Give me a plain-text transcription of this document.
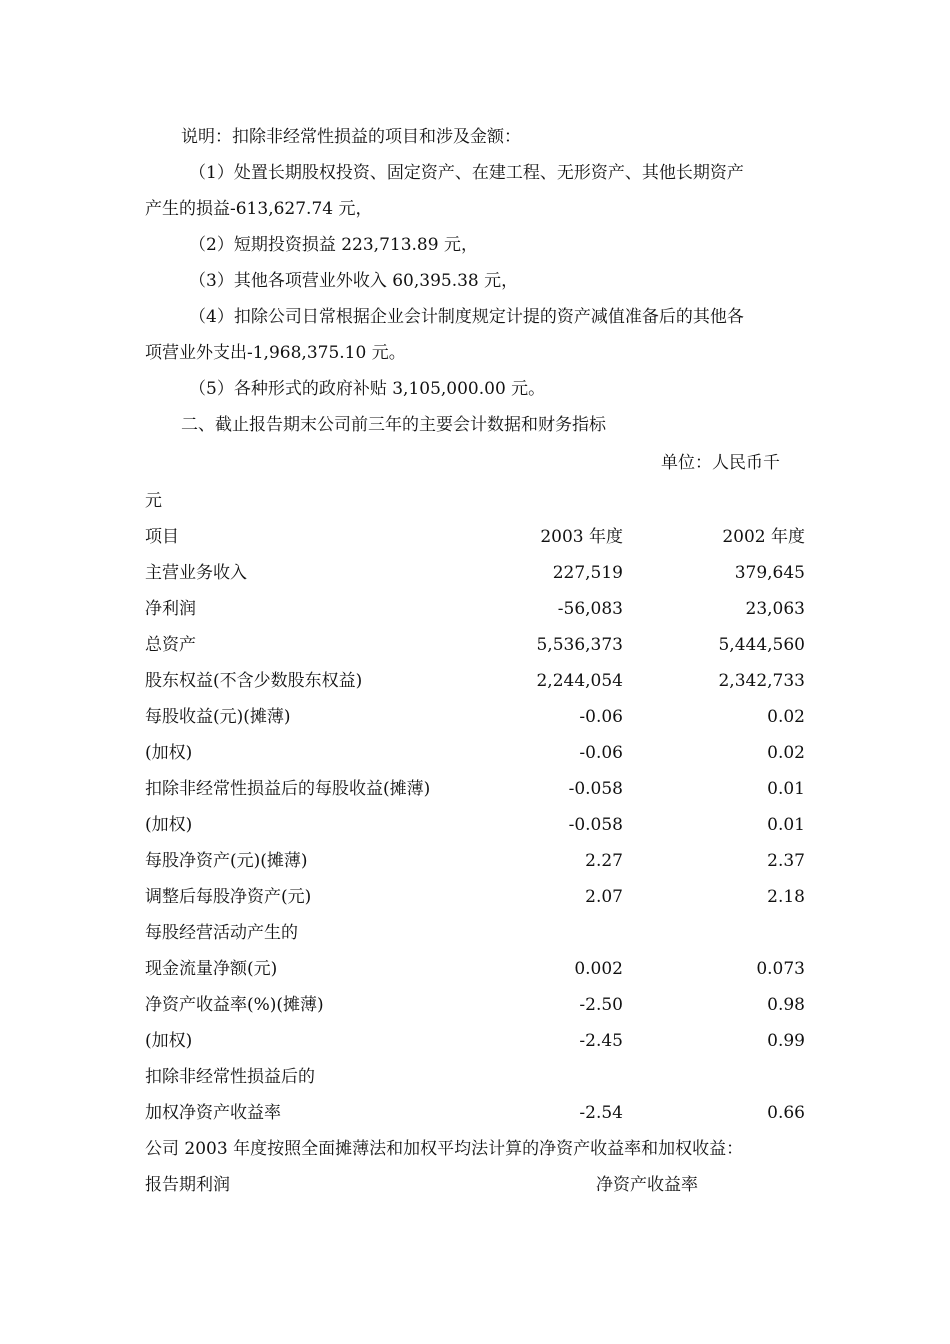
说明：扣除非经常性损益的项目和涉及金额：
（1）处置长期股权投资、固定资产、在建工程、无形资产、其他长期资产
产生的损益-613,627.74 元，
（2）短期投资损益 223,713.89 元，
（3）其他各项营业外收入 60,395.38 元，
（4）扣除公司日常根据企业会计制度规定计提的资产减值准备后的其他各
项营业外支出-1,968,375.10 元。
（5）各种形式的政府补贴 3,105,000.00 元。
二、截止报告期末公司前三年的主要会计数据和财务指标
单位：人民币千
元
项目	2003 年度	2002 年度
主营业务收入	227,519	379,645
净利润	-56,083	23,063
总资产	5,536,373	5,444,560
股东权益(不含少数股东权益)	2,244,054	2,342,733
每股收益(元)(摊薄)	-0.06	0.02
(加权)	-0.06	0.02
扣除非经常性损益后的每股收益(摊薄)	-0.058	0.01
(加权)	-0.058	0.01
每股净资产(元)(摊薄)	2.27	2.37
调整后每股净资产(元)	2.07	2.18
每股经营活动产生的
现金流量净额(元)	0.002	0.073
净资产收益率(%)(摊薄)	-2.50	0.98
(加权)	-2.45	0.99
扣除非经常性损益后的
加权净资产收益率	-2.54	0.66
公司 2003 年度按照全面摊薄法和加权平均法计算的净资产收益率和加权收益：
报告期利润	净资产收益率
